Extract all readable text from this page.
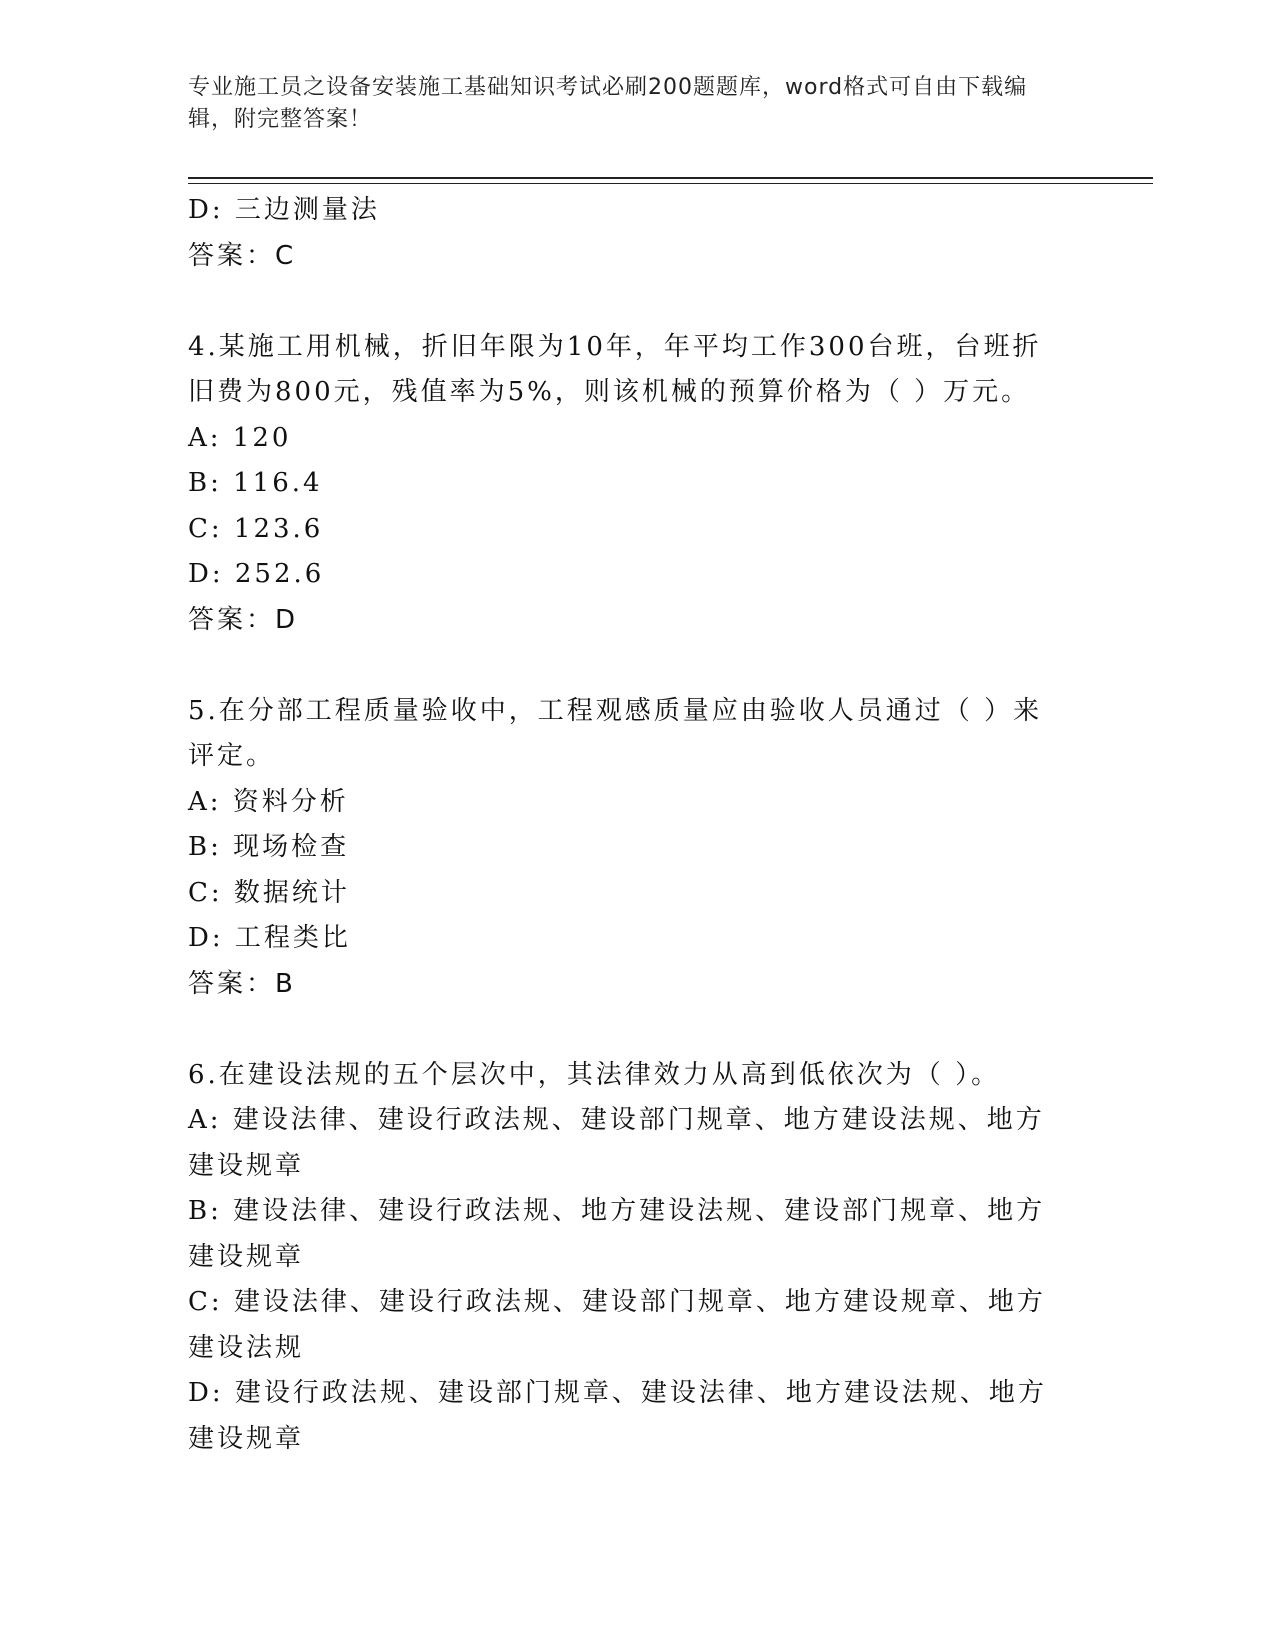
专业施工员之设备安装施工基础知识考试必刷200题题库，word格式可自由下载编辑，附完整答案！
D: 三边测量法
答案：C
4.某施工用机械，折旧年限为10年，年平均工作300台班，台班折旧费为800元，残值率为5%，则该机械的预算价格为（ ）万元。
A: 120
B: 116.4
C: 123.6
D: 252.6
答案：D
5.在分部工程质量验收中，工程观感质量应由验收人员通过（ ）来评定。
A: 资料分析
B: 现场检查
C: 数据统计
D: 工程类比
答案：B
6.在建设法规的五个层次中，其法律效力从高到低依次为（ ）。
A: 建设法律、建设行政法规、建设部门规章、地方建设法规、地方建设规章
B: 建设法律、建设行政法规、地方建设法规、建设部门规章、地方建设规章
C: 建设法律、建设行政法规、建设部门规章、地方建设规章、地方建设法规
D: 建设行政法规、建设部门规章、建设法律、地方建设法规、地方建设规章
